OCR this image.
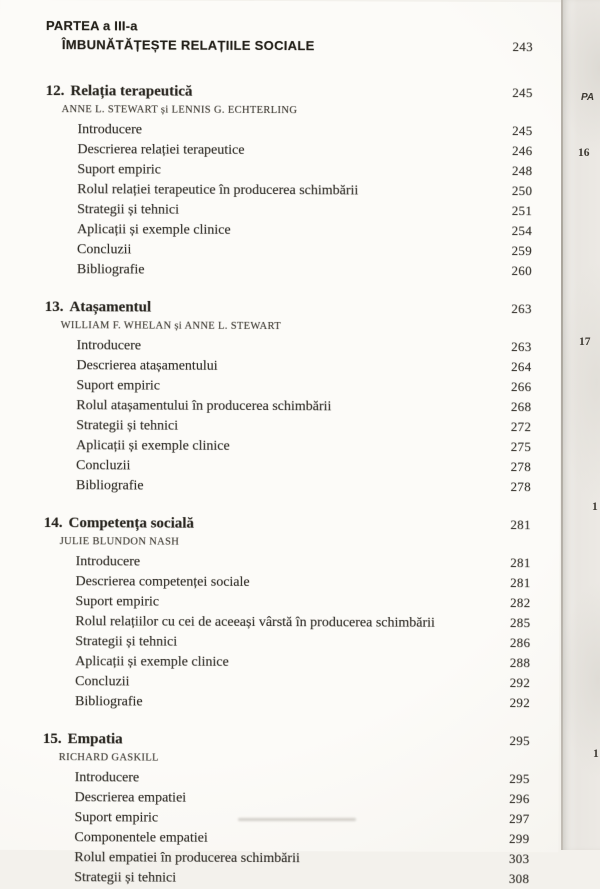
PARTEA a III-a
ÎMBUNĂTĂȚEȘTE RELAȚIILE SOCIALE	243
12. Relația terapeutică	245
ANNE L. STEWART și LENNIS G. ECHTERLING
Introducere	245
Descrierea relației terapeutice	246
Suport empiric	248
Rolul relației terapeutice în producerea schimbării	250
Strategii și tehnici	251
Aplicații și exemple clinice	254
Concluzii	259
Bibliografie	260
13. Atașamentul	263
WILLIAM F. WHELAN și ANNE L. STEWART
Introducere	263
Descrierea atașamentului	264
Suport empiric	266
Rolul atașamentului în producerea schimbării	268
Strategii și tehnici	272
Aplicații și exemple clinice	275
Concluzii	278
Bibliografie	278
14. Competența socială	281
JULIE BLUNDON NASH
Introducere	281
Descrierea competenței sociale	281
Suport empiric	282
Rolul relațiilor cu cei de aceeași vârstă în producerea schimbării	285
Strategii și tehnici	286
Aplicații și exemple clinice	288
Concluzii	292
Bibliografie	292
15. Empatia	295
RICHARD GASKILL
Introducere	295
Descrierea empatiei	296
Suport empiric	297
Componentele empatiei	299
Rolul empatiei în producerea schimbării	303
Strategii și tehnici	308
PA
16
17
1
1
